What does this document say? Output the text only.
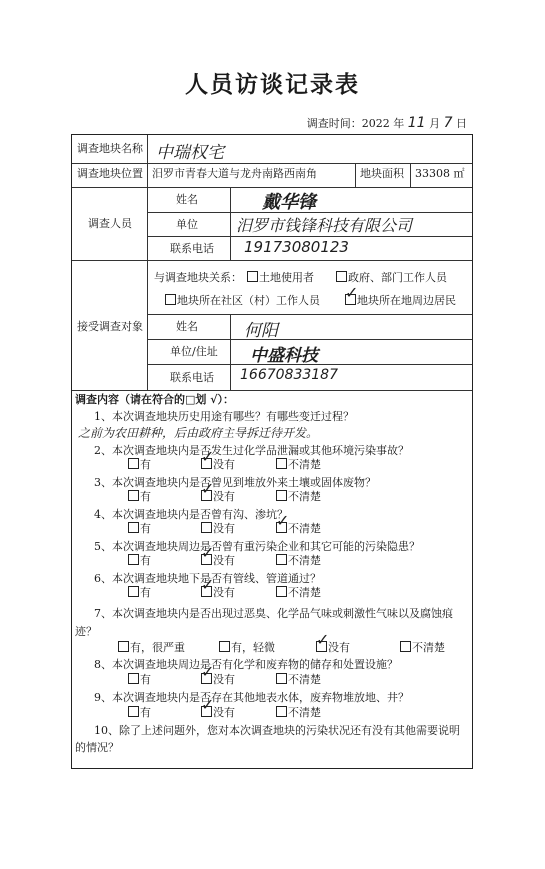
人员访谈记录表
调查时间：2022 年 11 月 7 日
调查地块名称 中瑞权宅
调查地块位置 汨罗市青春大道与龙舟南路西南角	地块面积 33308 ㎡
调查人员
姓名	戴华锋
单位 汨罗市钱锋科技有限公司
联系电话 19173080123
接受调查对象
与调查地块关系：	土地使用者	政府、部门工作人员
地块所在社区（村）工作人员 ✓	地块所在地周边居民
姓名	何阳
单位/住址 中盛科技
联系电话 16670833187
调查内容（请在符合的□划 √）：
1、本次调查地块历史用途有哪些？有哪些变迁过程？
之前为农田耕种，后由政府主导拆迁待开发。
2、本次调查地块内是否发生过化学品泄漏或其他环境污染事故？
有 ✓	没有	不清楚
3、本次调查地块内是否曾见到堆放外来土壤或固体废物？
有 ✓	没有	不清楚
4、本次调查地块内是否曾有沟、渗坑？
有	没有 ✓	不清楚
5、本次调查地块周边是否曾有重污染企业和其它可能的污染隐患？
有 ✓	没有	不清楚
6、本次调查地块地下是否有管线、管道通过？
有 ✓	没有	不清楚
7、本次调查地块内是否出现过恶臭、化学品气味或刺激性气味以及腐蚀痕
迹？
有，很严重	有，轻微 ✓	没有	不清楚
8、本次调查地块周边是否有化学和废弃物的储存和处置设施？
有 ✓	没有	不清楚
9、本次调查地块内是否存在其他地表水体，废弃物堆放地、井？
有 ✓	没有	不清楚
10、除了上述问题外，您对本次调查地块的污染状况还有没有其他需要说明
的情况？
